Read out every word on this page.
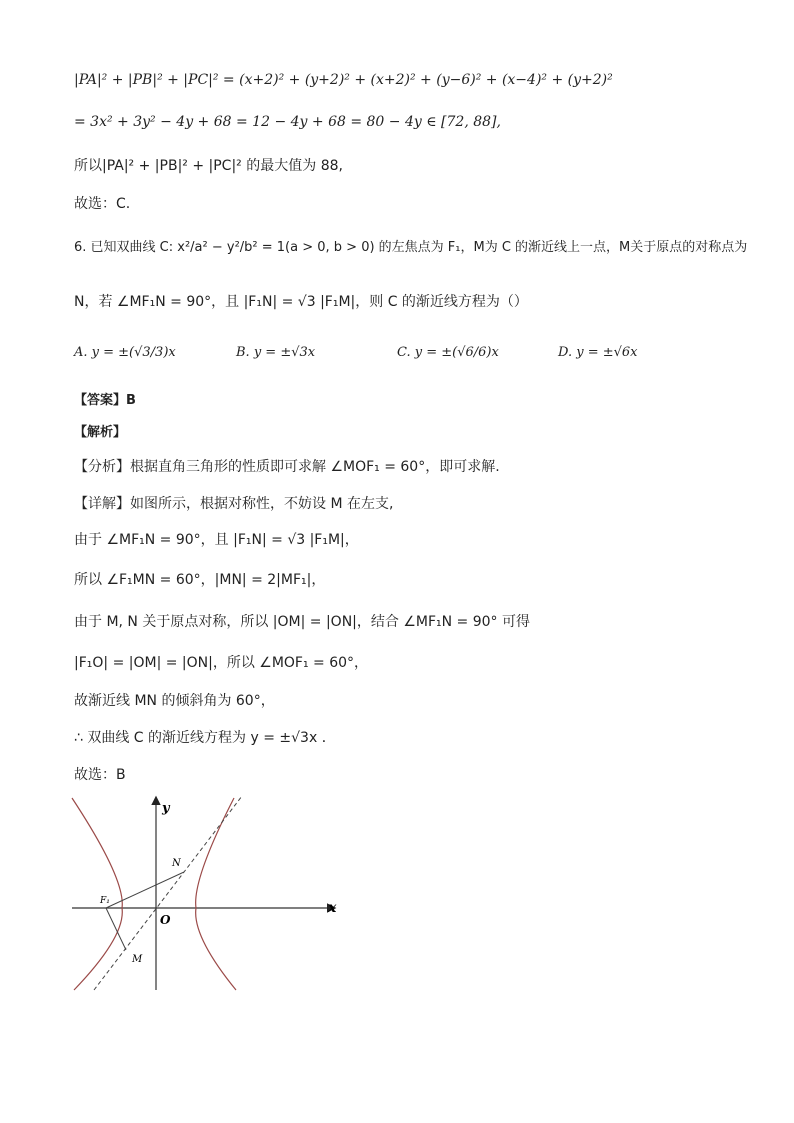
|PA|² + |PB|² + |PC|² = (x+2)² + (y+2)² + (x+2)² + (y−6)² + (x−4)² + (y+2)²
= 3x² + 3y² − 4y + 68 = 12 − 4y + 68 = 80 − 4y ∈ [72, 88],
所以|PA|² + |PB|² + |PC|² 的最大值为 88,
故选：C.
6. 已知双曲线 C: x²/a² − y²/b² = 1(a > 0, b > 0) 的左焦点为 F₁，M为 C 的渐近线上一点，M关于原点的对称点为
N，若 ∠MF₁N = 90°，且 |F₁N| = √3 |F₁M|，则 C 的渐近线方程为（）
A. y = ±(√3/3)x	B. y = ±√3x	C. y = ±(√6/6)x	D. y = ±√6x
【答案】B
【解析】
【分析】根据直角三角形的性质即可求解 ∠MOF₁ = 60°，即可求解.
【详解】如图所示，根据对称性，不妨设 M 在左支,
由于 ∠MF₁N = 90°，且 |F₁N| = √3 |F₁M|，
所以 ∠F₁MN = 60°，|MN| = 2|MF₁|，
由于 M, N 关于原点对称，所以 |OM| = |ON|，结合 ∠MF₁N = 90° 可得
|F₁O| = |OM| = |ON|，所以 ∠MOF₁ = 60°，
故渐近线 MN 的倾斜角为 60°，
∴ 双曲线 C 的渐近线方程为 y = ±√3x ．
故选：B
x
y
O
N
M
F₁
